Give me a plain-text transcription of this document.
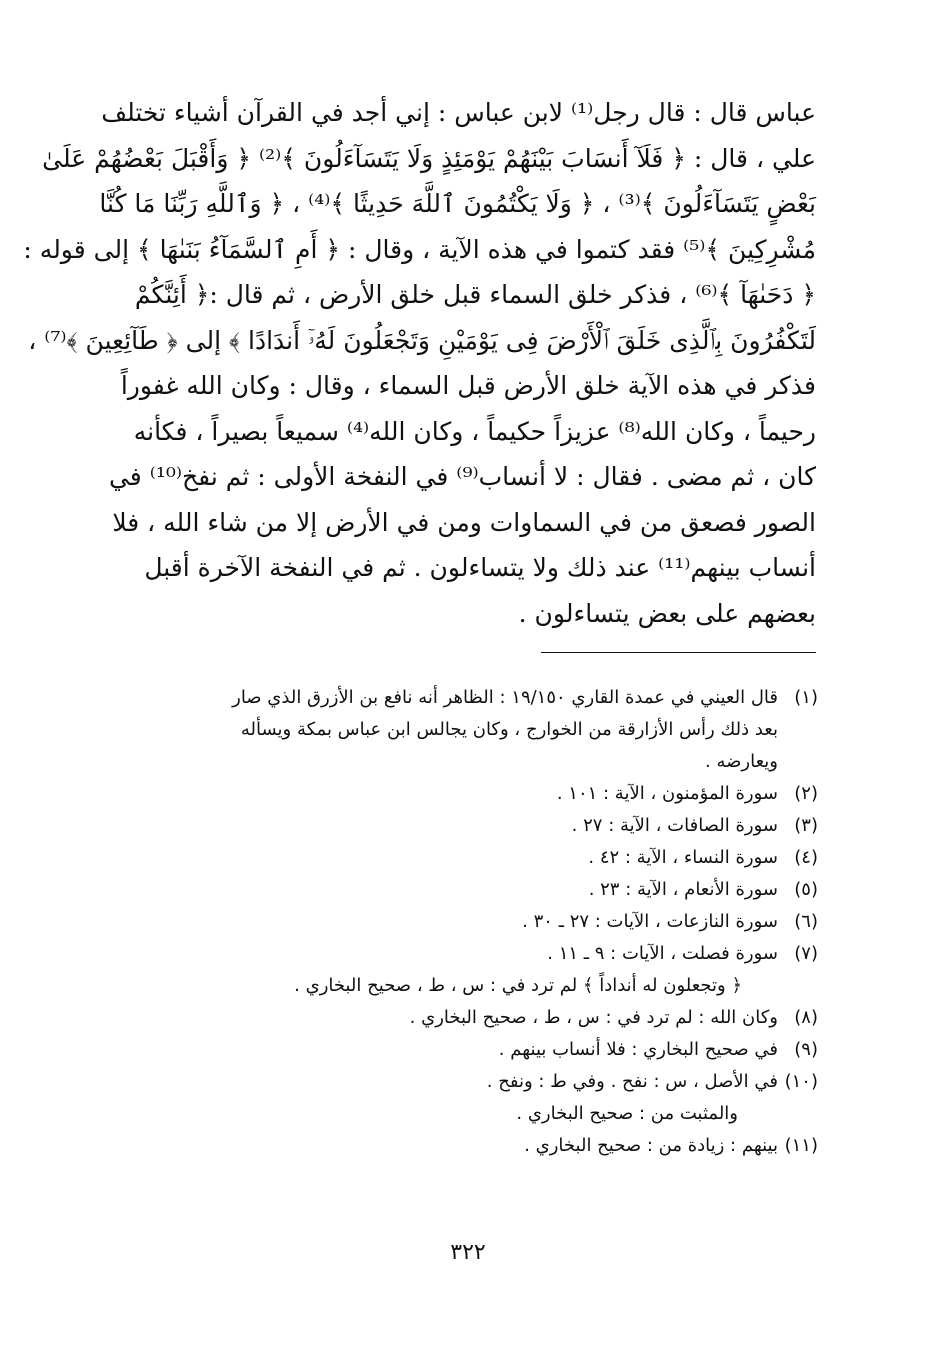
عباس قال : قال رجل⁽¹⁾ لابن عباس : إني أجد في القرآن أشياء تختلف
علي ، قال : ﴿ فَلَآ أَنسَابَ بَيْنَهُمْ يَوْمَئِذٍ وَلَا يَتَسَآءَلُونَ ﴾⁽²⁾ ﴿ وَأَقْبَلَ بَعْضُهُمْ عَلَىٰ
بَعْضٍ يَتَسَآءَلُونَ ﴾⁽³⁾ ، ﴿ وَلَا يَكْتُمُونَ ٱللَّهَ حَدِيثًا ﴾⁽⁴⁾ ، ﴿ وَٱللَّهِ رَبِّنَا مَا كُنَّا
مُشْرِكِينَ ﴾⁽⁵⁾ فقد كتموا في هذه الآية ، وقال : ﴿ أَمِ ٱلسَّمَآءُ بَنَىٰهَا ﴾ إلى قوله :
﴿ دَحَىٰهَآ ﴾⁽⁶⁾ ، فذكر خلق السماء قبل خلق الأرض ، ثم قال :﴿ أَئِنَّكُمْ
لَتَكْفُرُونَ بِٱلَّذِى خَلَقَ ٱلْأَرْضَ فِى يَوْمَيْنِ وَتَجْعَلُونَ لَهُۥٓ أَندَادًا ﴾ إلى ﴿ طَآئِعِينَ ﴾⁽⁷⁾ ،
فذكر في هذه الآية خلق الأرض قبل السماء ، وقال : وكان الله غفوراً
رحيماً ، وكان الله⁽⁸⁾ عزيزاً حكيماً ، وكان الله⁽⁴⁾ سميعاً بصيراً ، فكأنه
كان ، ثم مضى . فقال : لا أنساب⁽⁹⁾ في النفخة الأولى : ثم نفخ⁽¹⁰⁾ في
الصور فصعق من في السماوات ومن في الأرض إلا من شاء الله ، فلا
أنساب بينهم⁽¹¹⁾ عند ذلك ولا يتساءلون . ثم في النفخة الآخرة أقبل
بعضهم على بعض يتساءلون .
(١)
قال العيني في عمدة القاري ١٩/١٥٠ : الظاهر أنه نافع بن الأزرق الذي صار
بعد ذلك رأس الأزارقة من الخوارج ، وكان يجالس ابن عباس بمكة ويسأله
ويعارضه .
(٢)
سورة المؤمنون ، الآية : ١٠١ .
(٣)
سورة الصافات ، الآية : ٢٧ .
(٤)
سورة النساء ، الآية : ٤٢ .
(٥)
سورة الأنعام ، الآية : ٢٣ .
(٦)
سورة النازعات ، الآيات : ٢٧ ـ ٣٠ .
(٧)
سورة فصلت ، الآيات : ٩ ـ ١١ .
﴿ وتجعلون له أنداداً ﴾ لم ترد في : س ، ط ، صحيح البخاري .
(٨)
وكان الله : لم ترد في : س ، ط ، صحيح البخاري .
(٩)
في صحيح البخاري : فلا أنساب بينهم .
(١٠)
في الأصل ، س : نفح . وفي ط : ونفح .
والمثبت من : صحيح البخاري .
(١١)
بينهم : زيادة من : صحيح البخاري .
٣٢٢
